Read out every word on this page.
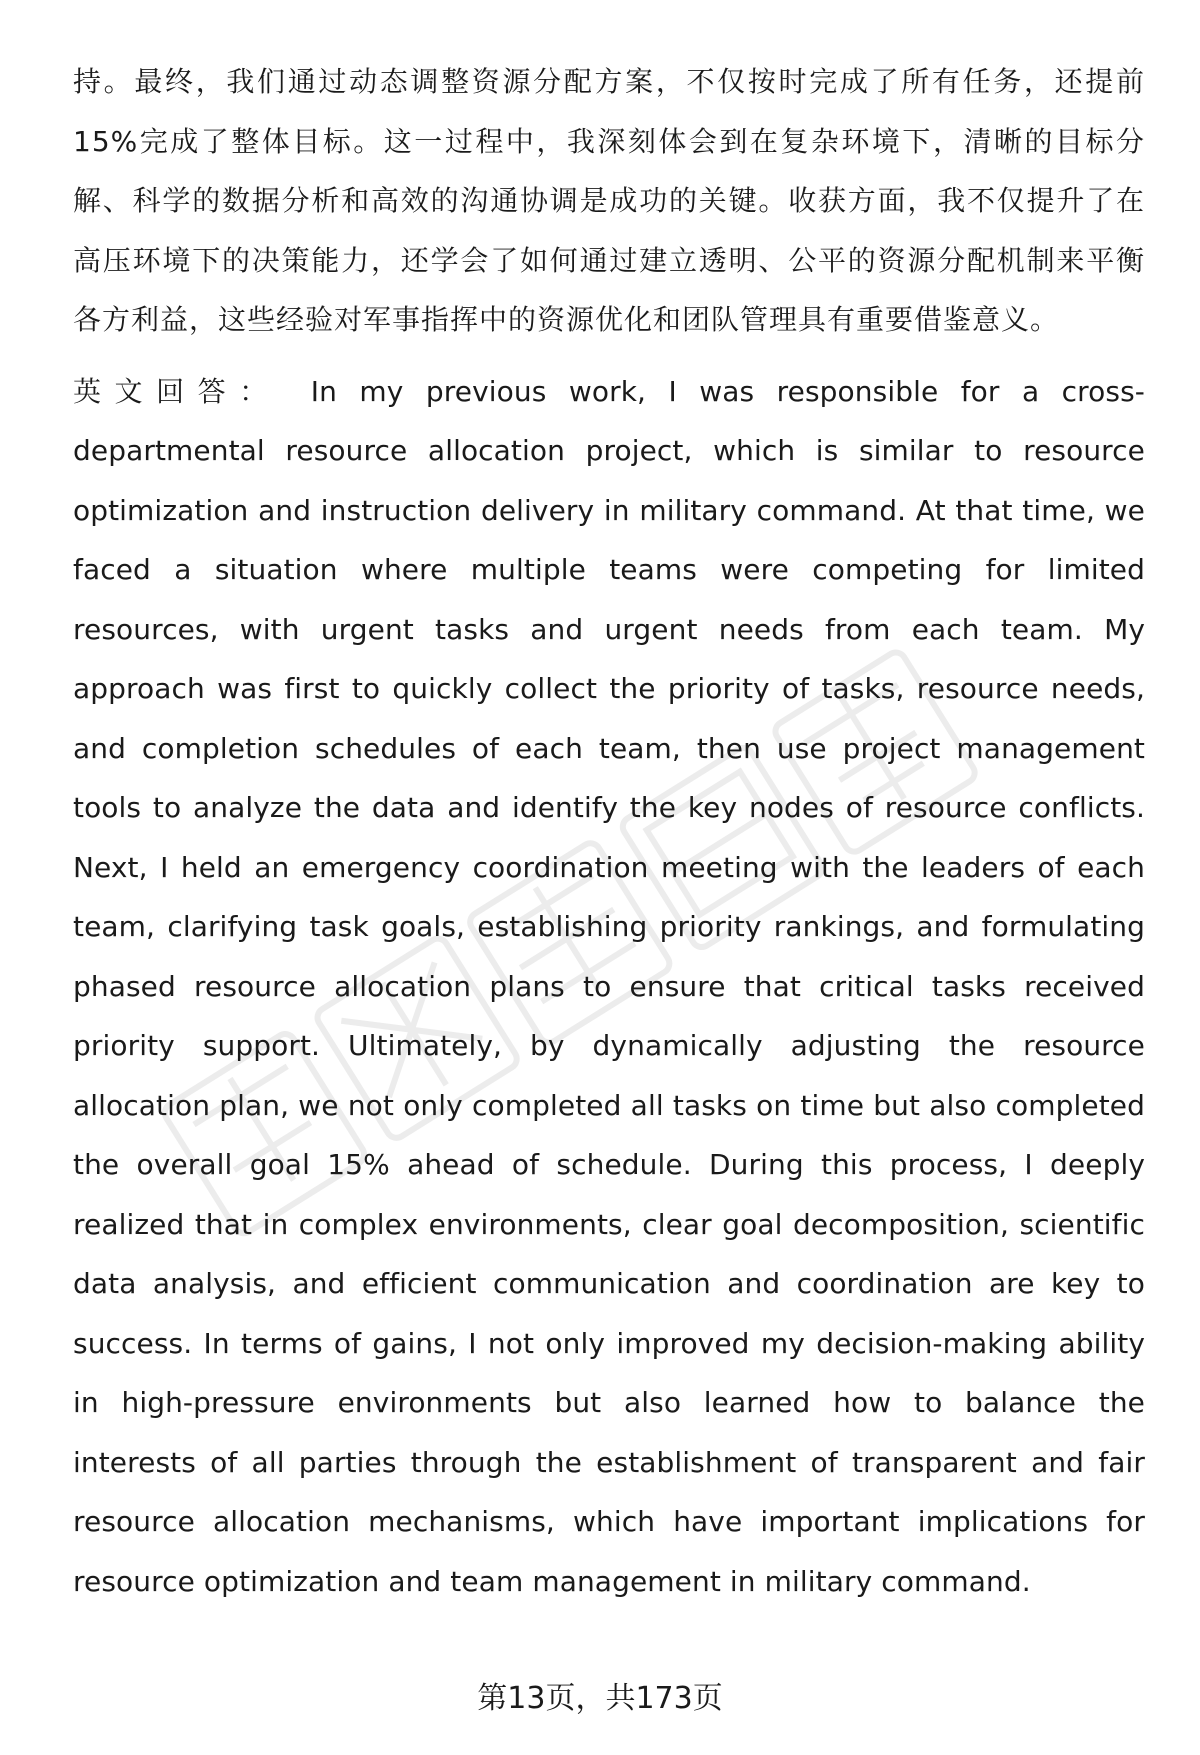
持。最终，我们通过动态调整资源分配方案，不仅按时完成了所有任务，还提前15%完成了整体目标。这一过程中，我深刻体会到在复杂环境下，清晰的目标分解、科学的数据分析和高效的沟通协调是成功的关键。收获方面，我不仅提升了在高压环境下的决策能力，还学会了如何通过建立透明、公平的资源分配机制来平衡各方利益，这些经验对军事指挥中的资源优化和团队管理具有重要借鉴意义。

英文回答： In my previous work, I was responsible for a cross-departmental resource allocation project, which is similar to resource optimization and instruction delivery in military command. At that time, we faced a situation where multiple teams were competing for limited resources, with urgent tasks and urgent needs from each team. My approach was first to quickly collect the priority of tasks, resource needs, and completion schedules of each team, then use project management tools to analyze the data and identify the key nodes of resource conflicts. Next, I held an emergency coordination meeting with the leaders of each team, clarifying task goals, establishing priority rankings, and formulating phased resource allocation plans to ensure that critical tasks received priority support. Ultimately, by dynamically adjusting the resource allocation plan, we not only completed all tasks on time but also completed the overall goal 15% ahead of schedule. During this process, I deeply realized that in complex environments, clear goal decomposition, scientific data analysis, and efficient communication and coordination are key to success. In terms of gains, I not only improved my decision-making ability in high-pressure environments but also learned how to balance the interests of all parties through the establishment of transparent and fair resource allocation mechanisms, which have important implications for resource optimization and team management in military command.

第13页，共173页
